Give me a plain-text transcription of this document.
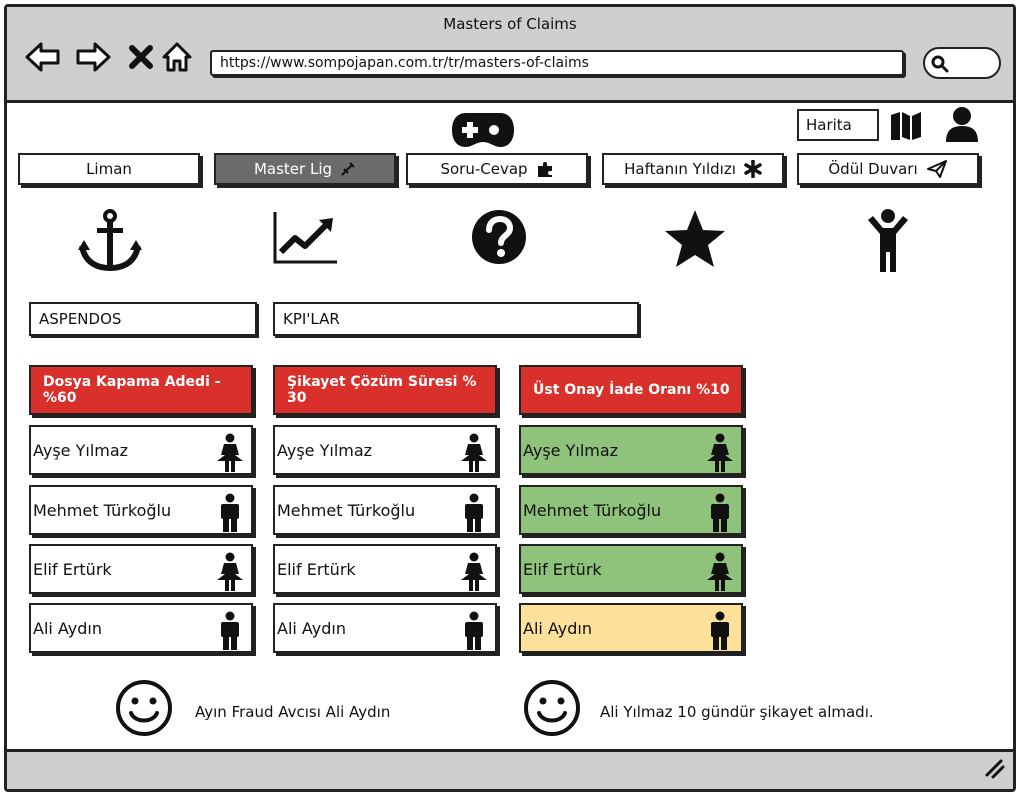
Masters of Claims
https://www.sompojapan.com.tr/tr/masters-of-claims
Harita
Liman	Master Lig	Soru-Cevap	Haftanın Yıldızı	Ödül Duvarı
ASPENDOS	KPI'LAR
Dosya Kapama Adedi - %60
Ayşe Yılmaz
Mehmet Türkoğlu
Elif Ertürk
Ali Aydın
Şikayet Çözüm Süresi % 30
Ayşe Yılmaz
Mehmet Türkoğlu
Elif Ertürk
Ali Aydın
Üst Onay İade Oranı %10
Ayşe Yılmaz
Mehmet Türkoğlu
Elif Ertürk
Ali Aydın
Ayın Fraud Avcısı Ali Aydın	Ali Yılmaz 10 gündür şikayet almadı.
